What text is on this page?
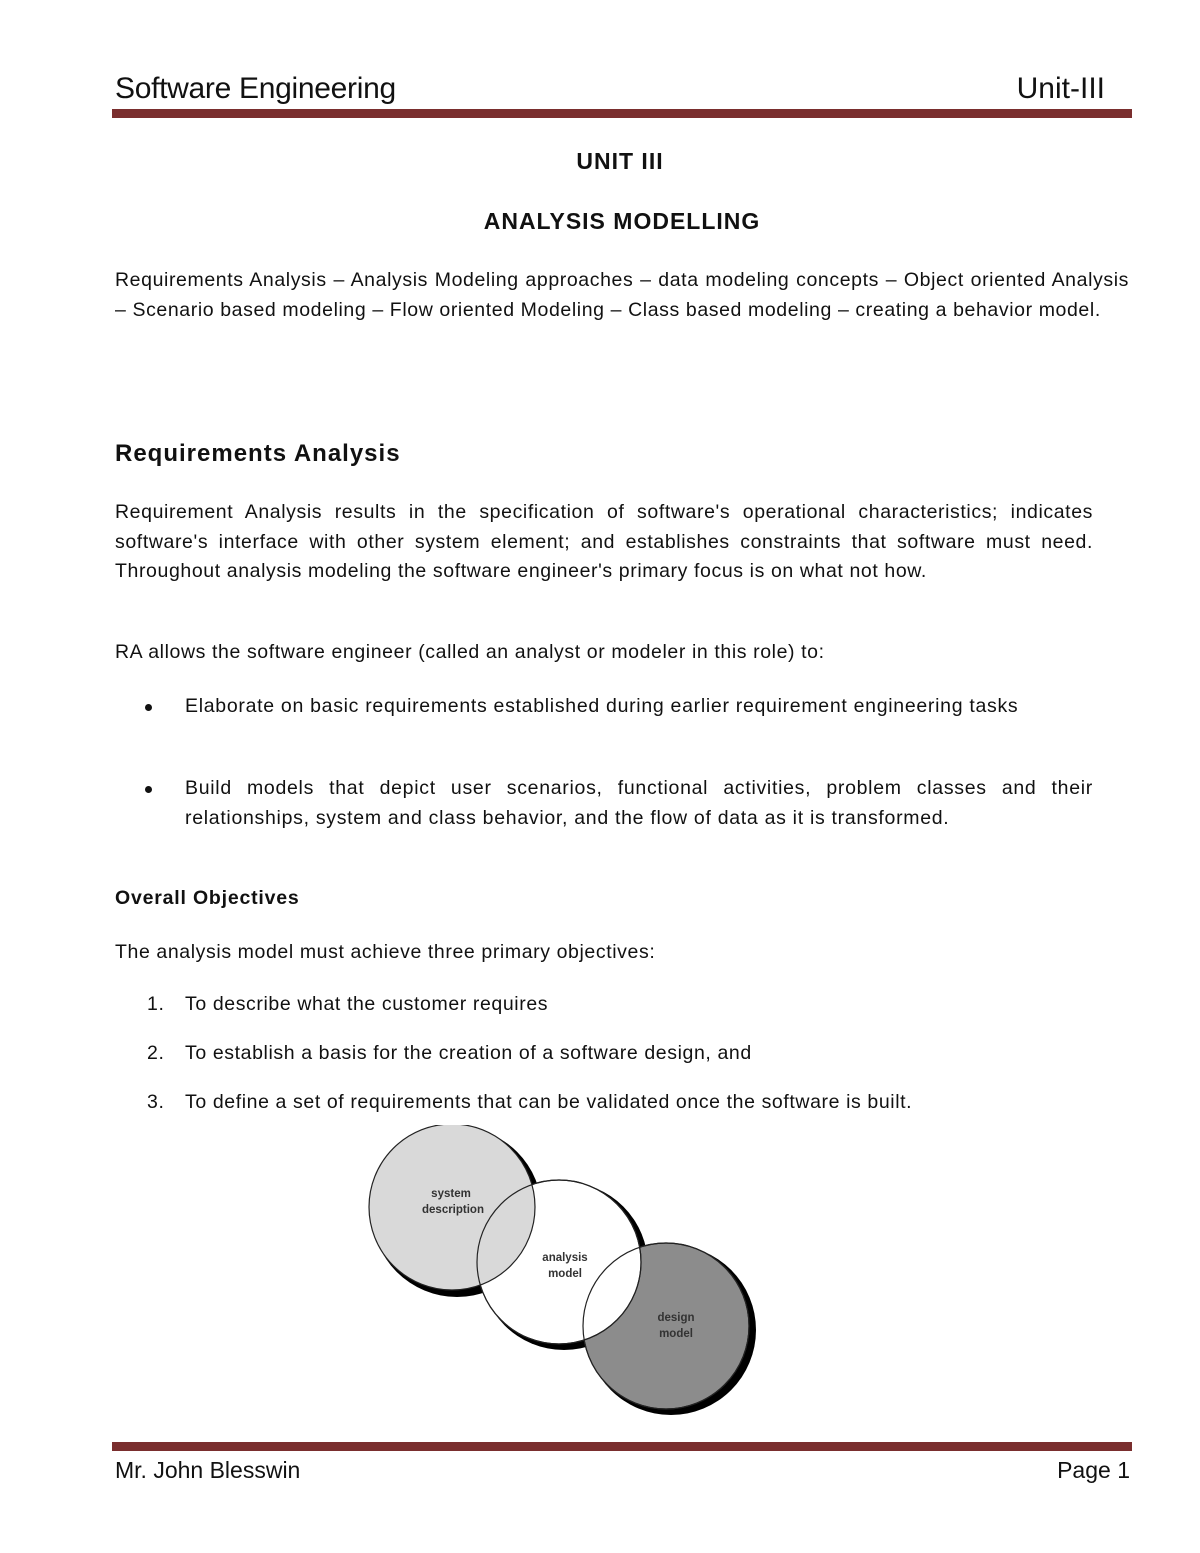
Software Engineering	Unit-III
UNIT III
ANALYSIS MODELLING
Requirements Analysis – Analysis Modeling approaches – data modeling concepts – Object oriented Analysis – Scenario based modeling – Flow oriented Modeling – Class based modeling – creating a behavior model.
Requirements Analysis
Requirement Analysis results in the specification of software's operational characteristics; indicates software's interface with other system element; and establishes constraints that software must need. Throughout analysis modeling the software engineer's primary focus is on what not how.
RA allows the software engineer (called an analyst or modeler in this role) to:
Elaborate on basic requirements established during earlier requirement engineering tasks
Build models that depict user scenarios, functional activities, problem classes and their relationships, system and class behavior, and the flow of data as it is transformed.
Overall Objectives
The analysis model must achieve three primary objectives:
1. To describe what the customer requires
2. To establish a basis for the creation of a software design, and
3. To define a set of requirements that can be validated once the software is built.
system
description
analysis
model
design
model
Mr. John Blesswin	Page 1
